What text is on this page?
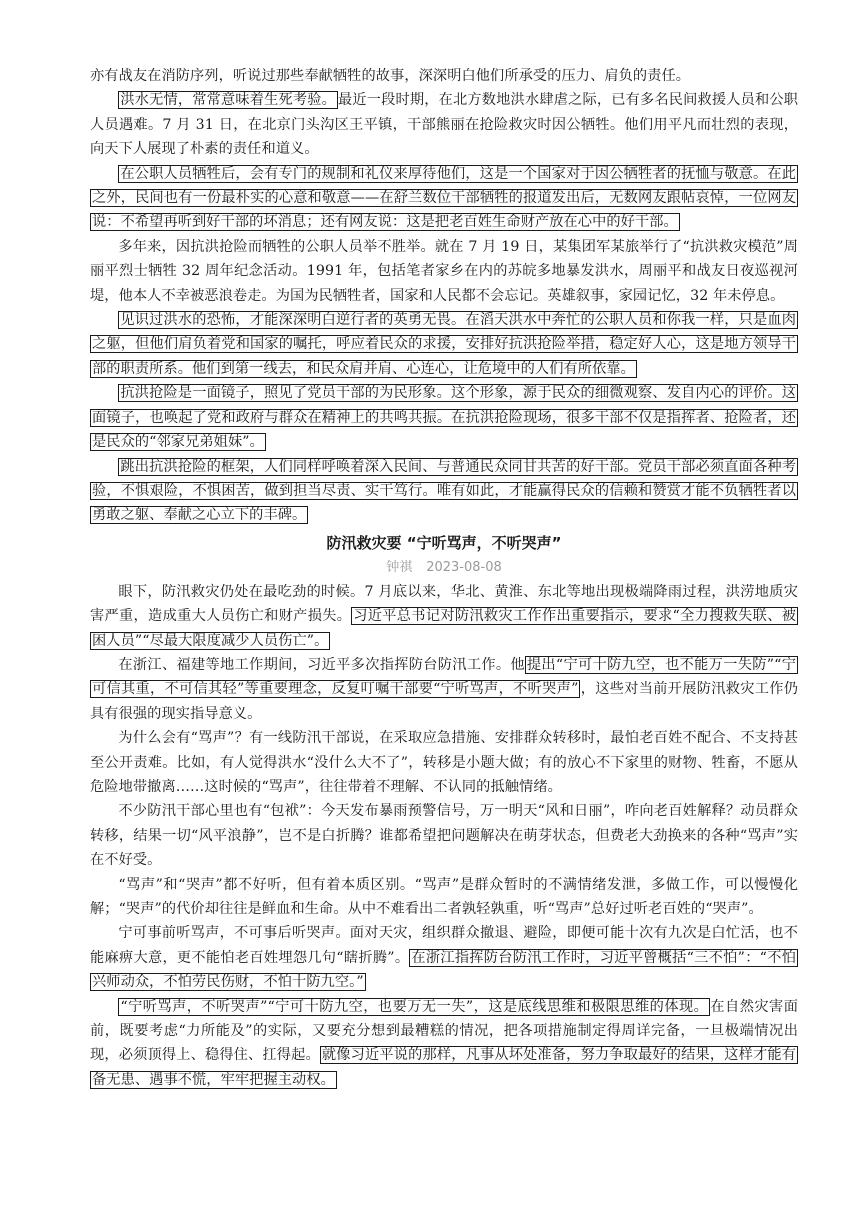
亦有战友在消防序列，听说过那些奉献牺牲的故事，深深明白他们所承受的压力、肩负的责任。

洪水无情，常常意味着生死考验。 最近一段时期，在北方数地洪水肆虐之际，已有多名民间救援人员和公职人员遇难。7 月 31 日，在北京门头沟区王平镇，干部熊丽在抢险救灾时因公牺牲。他们用平凡而壮烈的表现，向天下人展现了朴素的责任和道义。

在公职人员牺牲后，会有专门的规制和礼仪来厚待他们，这是一个国家对于因公牺牲者的抚恤与敬意。在此之外，民间也有一份最朴实的心意和敬意——在舒兰数位干部牺牲的报道发出后，无数网友跟帖哀悼，一位网友说：不希望再听到好干部的坏消息；还有网友说：这是把老百姓生命财产放在心中的好干部。

多年来，因抗洪抢险而牺牲的公职人员举不胜举。就在 7 月 19 日，某集团军某旅举行了“抗洪救灾模范”周丽平烈士牺牲 32 周年纪念活动。1991 年，包括笔者家乡在内的苏皖多地暴发洪水，周丽平和战友日夜巡视河堤，他本人不幸被恶浪卷走。为国为民牺牲者，国家和人民都不会忘记。英雄叙事，家园记忆，32 年未停息。

见识过洪水的恐怖，才能深深明白逆行者的英勇无畏。在滔天洪水中奔忙的公职人员和你我一样，只是血肉之躯，但他们肩负着党和国家的嘱托，呼应着民众的求援，安排好抗洪抢险举措，稳定好人心，这是地方领导干部的职责所系。他们到第一线去，和民众肩并肩、心连心，让危境中的人们有所依靠。

抗洪抢险是一面镜子，照见了党员干部的为民形象。这个形象，源于民众的细微观察、发自内心的评价。这面镜子，也唤起了党和政府与群众在精神上的共鸣共振。在抗洪抢险现场，很多干部不仅是指挥者、抢险者，还是民众的“邻家兄弟姐妹”。

跳出抗洪抢险的框架，人们同样呼唤着深入民间、与普通民众同甘共苦的好干部。党员干部必须直面各种考验，不惧艰险，不惧困苦，做到担当尽责、实干笃行。唯有如此，才能赢得民众的信赖和赞赏才能不负牺牲者以勇敢之躯、奉献之心立下的丰碑。

防汛救灾要 “宁听骂声，不听哭声”
钟祺 2023-08-08

眼下，防汛救灾仍处在最吃劲的时候。7 月底以来，华北、黄淮、东北等地出现极端降雨过程，洪涝地质灾害严重，造成重大人员伤亡和财产损失。 习近平总书记对防汛救灾工作作出重要指示，要求“全力搜救失联、被困人员”“尽最大限度减少人员伤亡”。

在浙江、福建等地工作期间，习近平多次指挥防台防汛工作。他 提出“宁可十防九空，也不能万一失防”“宁可信其重，不可信其轻”等重要理念，反复叮嘱干部要“宁听骂声，不听哭声” ，这些对当前开展防汛救灾工作仍具有很强的现实指导意义。

为什么会有“骂声”？有一线防汛干部说，在采取应急措施、安排群众转移时，最怕老百姓不配合、不支持甚至公开责难。比如，有人觉得洪水“没什么大不了”，转移是小题大做；有的放心不下家里的财物、牲畜，不愿从危险地带撤离……这时候的“骂声”，往往带着不理解、不认同的抵触情绪。

不少防汛干部心里也有“包袱”：今天发布暴雨预警信号，万一明天“风和日丽”，咋向老百姓解释？动员群众转移，结果一切“风平浪静”，岂不是白折腾？谁都希望把问题解决在萌芽状态，但费老大劲换来的各种“骂声”实在不好受。

“骂声”和“哭声”都不好听，但有着本质区别。“骂声”是群众暂时的不满情绪发泄，多做工作，可以慢慢化解；“哭声”的代价却往往是鲜血和生命。从中不难看出二者孰轻孰重，听“骂声”总好过听老百姓的“哭声”。

宁可事前听骂声，不可事后听哭声。面对天灾，组织群众撤退、避险，即便可能十次有九次是白忙活，也不能麻痹大意，更不能怕老百姓埋怨几句“瞎折腾”。 在浙江指挥防台防汛工作时，习近平曾概括“三不怕”：“不怕兴师动众，不怕劳民伤财，不怕十防九空。”

“宁听骂声，不听哭声”“宁可十防九空，也要万无一失”，这是底线思维和极限思维的体现。 在自然灾害面前，既要考虑“力所能及”的实际，又要充分想到最糟糕的情况，把各项措施制定得周详完备，一旦极端情况出现，必须顶得上、稳得住、扛得起。 就像习近平说的那样，凡事从坏处准备，努力争取最好的结果，这样才能有备无患、遇事不慌，牢牢把握主动权。
